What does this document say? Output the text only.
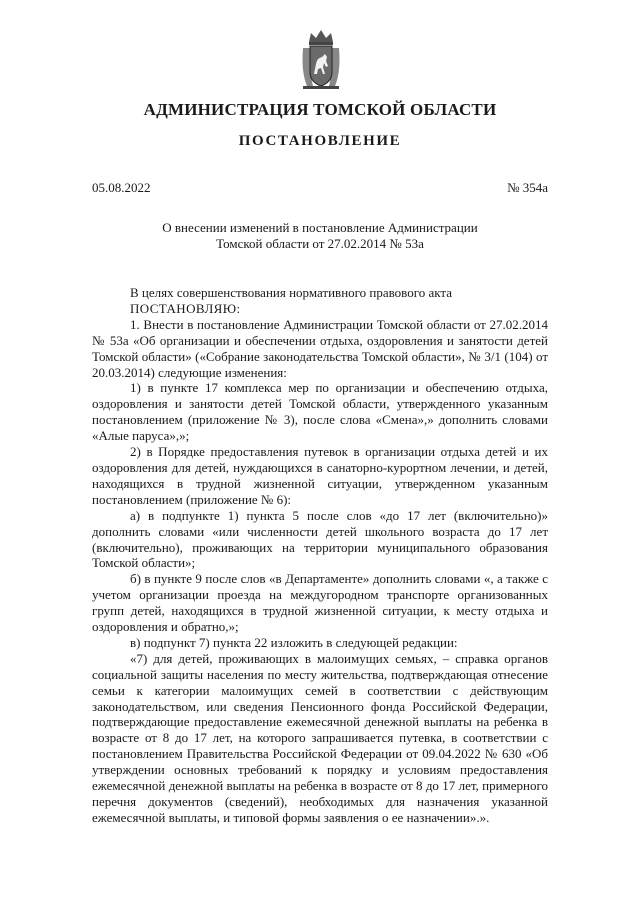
АДМИНИСТРАЦИЯ ТОМСКОЙ ОБЛАСТИ
ПОСТАНОВЛЕНИЕ
05.08.2022	№ 354а
О внесении изменений в постановление Администрации
Томской области от 27.02.2014 № 53а

В целях совершенствования нормативного правового акта

ПОСТАНОВЛЯЮ:

1. Внести в постановление Администрации Томской области от 27.02.2014 № 53а «Об организации и обеспечении отдыха, оздоровления и занятости детей Томской области» («Собрание законодательства Томской области», № 3/1 (104) от 20.03.2014) следующие изменения:

1) в пункте 17 комплекса мер по организации и обеспечению отдыха, оздоровления и занятости детей Томской области, утвержденного указанным постановлением (приложение № 3), после слова «Смена»,» дополнить словами «Алые паруса»,»;

2) в Порядке предоставления путевок в организации отдыха детей и их оздоровления для детей, нуждающихся в санаторно-курортном лечении, и детей, находящихся в трудной жизненной ситуации, утвержденном указанным постановлением (приложение № 6):

а) в подпункте 1) пункта 5 после слов «до 17 лет (включительно)» дополнить словами «или численности детей школьного возраста до 17 лет (включительно), проживающих на территории муниципального образования Томской области»;

б) в пункте 9 после слов «в Департаменте» дополнить словами «, а также с учетом организации проезда на междугородном транспорте организованных групп детей, находящихся в трудной жизненной ситуации, к месту отдыха и оздоровления и обратно,»;

в) подпункт 7) пункта 22 изложить в следующей редакции:

«7) для детей, проживающих в малоимущих семьях, – справка органов социальной защиты населения по месту жительства, подтверждающая отнесение семьи к категории малоимущих семей в соответствии с действующим законодательством, или сведения Пенсионного фонда Российской Федерации, подтверждающие предоставление ежемесячной денежной выплаты на ребенка в возрасте от 8 до 17 лет, на которого запрашивается путевка, в соответствии с постановлением Правительства Российской Федерации от 09.04.2022 № 630 «Об утверждении основных требований к порядку и условиям предоставления ежемесячной денежной выплаты на ребенка в возрасте от 8 до 17 лет, примерного перечня документов (сведений), необходимых для назначения указанной ежемесячной выплаты, и типовой формы заявления о ее назначении».».
